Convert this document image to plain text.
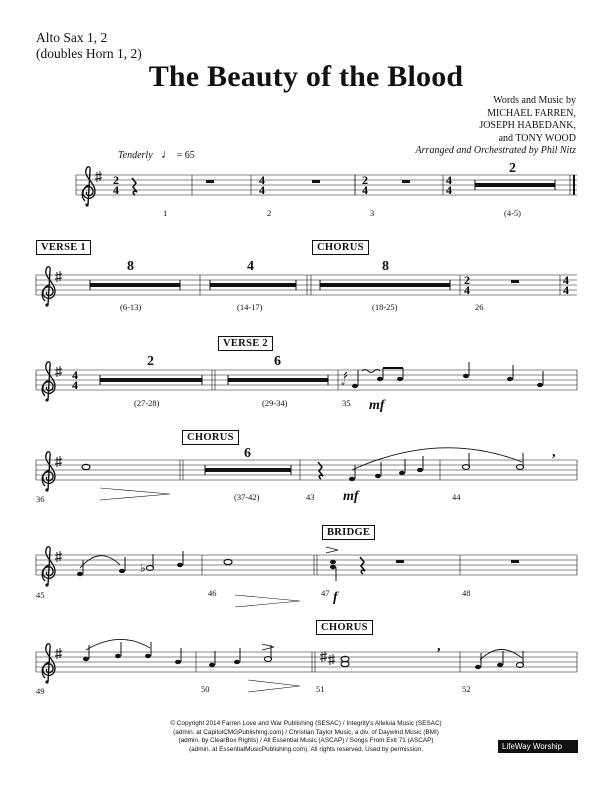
Alto Sax 1, 2
(doubles Horn 1, 2)
The Beauty of the Blood
Words and Music by
MICHAEL FARREN,
JOSEPH HABEDANK,
and TONY WOOD
Arranged and Orchestrated by Phil Nitz
Tenderly ♩ = 65
2
4
4
4
2
4
4
4
2
4
4
4
4
4	𝅗𝅥
,
♭
,
VERSE 1	CHORUS
VERSE 2
CHORUS
BRIDGE
CHORUS
2
8	4	8
2	6
6
1	2	3	(4-5)
(6-13)	(14-17)	(18-25)	26
(27-28)	(29-34)	35
36	(37-42)	43	44
45	46	47	48
49	50	51	52
mf
mf
f
© Copyright 2014 Farren Love and War Publishing (SESAC) / Integrity's Alleluia Music (SESAC)
(admin. at CapitolCMGPublishing.com) / Christian Taylor Music, a div. of Daywind Music (BMI)
(admin. by ClearBox Rights) / All Essential Music (ASCAP) / Songs From Exit 71 (ASCAP)
(admin. at EssentialMusicPublishing.com). All rights reserved. Used by permission.	LifeWay Worship
